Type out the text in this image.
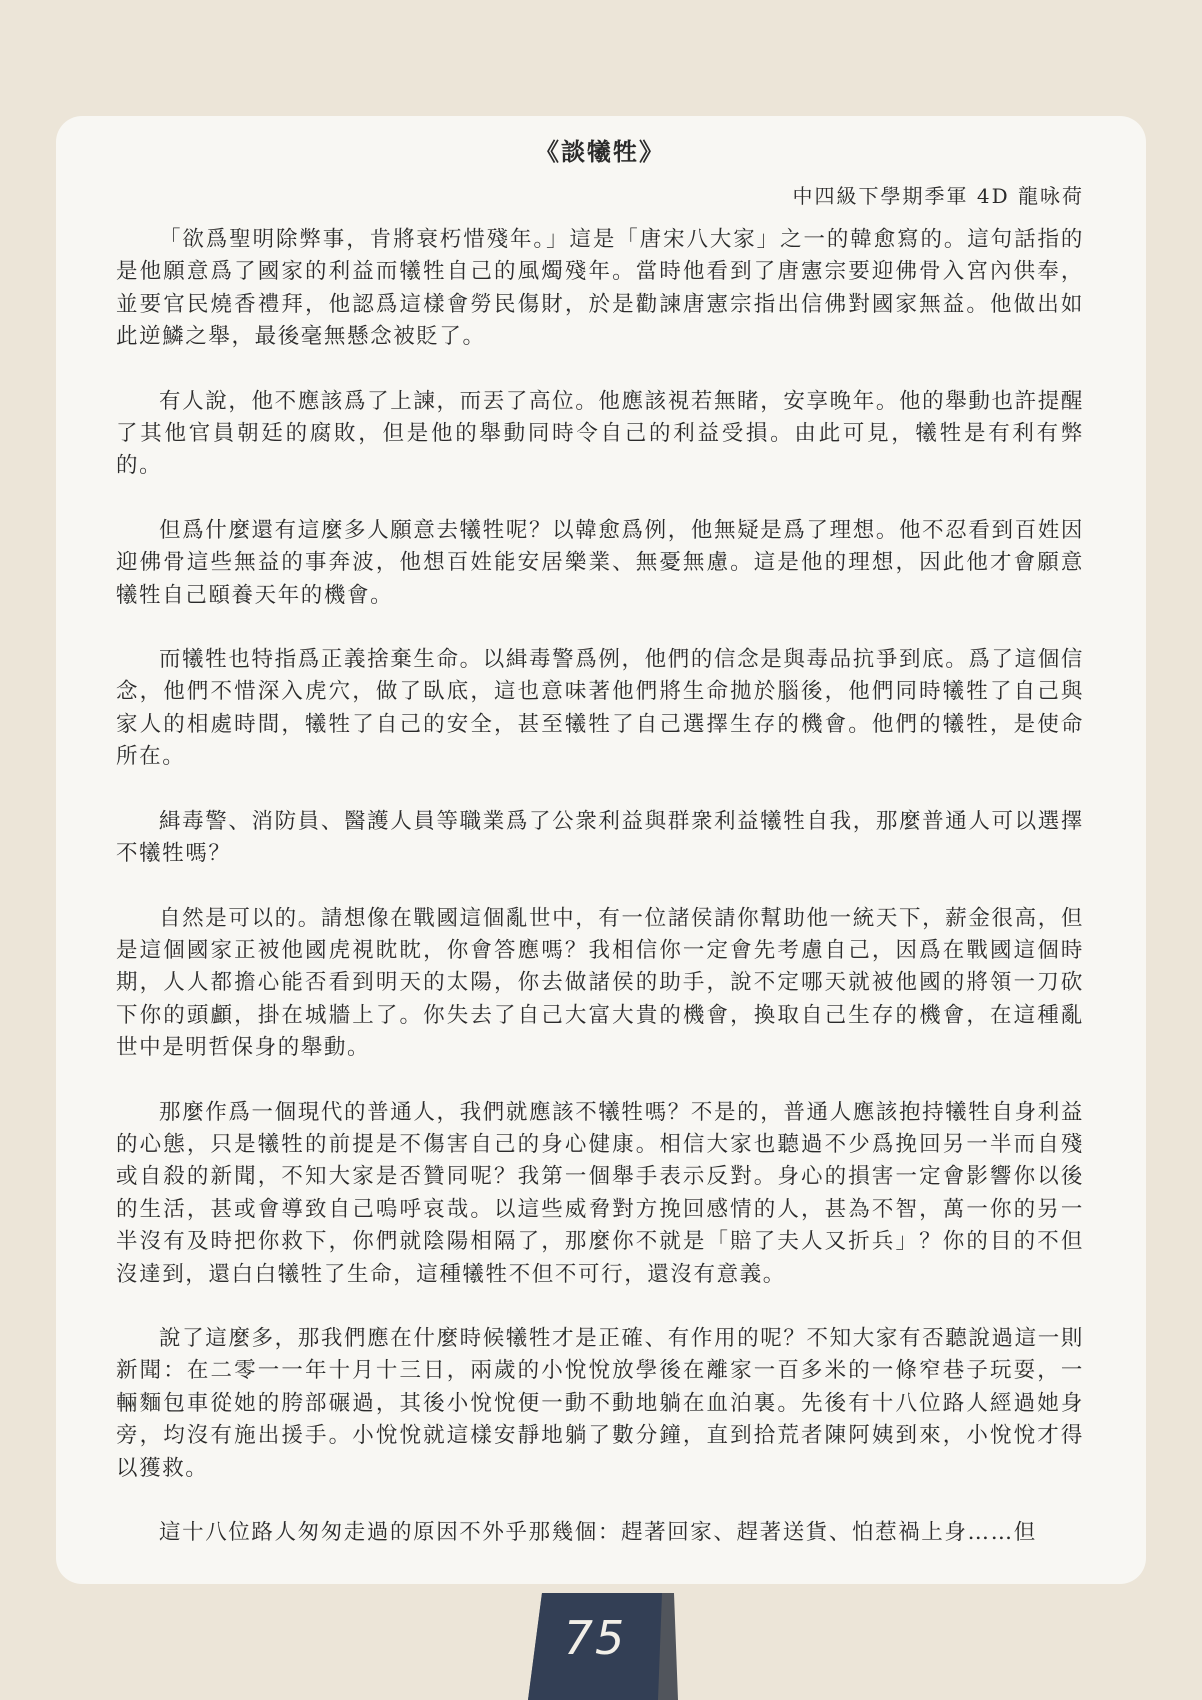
《談犧牲》
中四級下學期季軍 4D 龍咏荷

「欲爲聖明除弊事，肯將衰朽惜殘年。」這是「唐宋八大家」之一的韓愈寫的。這句話指的是他願意爲了國家的利益而犧牲自己的風燭殘年。當時他看到了唐憲宗要迎佛骨入宮內供奉，並要官民燒香禮拜，他認爲這樣會勞民傷財，於是勸諫唐憲宗指出信佛對國家無益。他做出如此逆鱗之舉，最後毫無懸念被貶了。

有人說，他不應該爲了上諫，而丟了高位。他應該視若無睹，安享晚年。他的舉動也許提醒了其他官員朝廷的腐敗，但是他的舉動同時令自己的利益受損。由此可見，犧牲是有利有弊的。

但爲什麼還有這麼多人願意去犧牲呢？以韓愈爲例，他無疑是爲了理想。他不忍看到百姓因迎佛骨這些無益的事奔波，他想百姓能安居樂業、無憂無慮。這是他的理想，因此他才會願意犧牲自己頤養天年的機會。

而犧牲也特指爲正義捨棄生命。以緝毒警爲例，他們的信念是與毒品抗爭到底。爲了這個信念，他們不惜深入虎穴，做了臥底，這也意味著他們將生命拋於腦後，他們同時犧牲了自己與家人的相處時間，犧牲了自己的安全，甚至犧牲了自己選擇生存的機會。他們的犧牲，是使命所在。

緝毒警、消防員、醫護人員等職業爲了公衆利益與群衆利益犧牲自我，那麼普通人可以選擇不犧牲嗎？

自然是可以的。請想像在戰國這個亂世中，有一位諸侯請你幫助他一統天下，薪金很高，但是這個國家正被他國虎視眈眈，你會答應嗎？我相信你一定會先考慮自己，因爲在戰國這個時期，人人都擔心能否看到明天的太陽，你去做諸侯的助手，說不定哪天就被他國的將領一刀砍下你的頭顱，掛在城牆上了。你失去了自己大富大貴的機會，換取自己生存的機會，在這種亂世中是明哲保身的舉動。

那麼作爲一個現代的普通人，我們就應該不犧牲嗎？不是的，普通人應該抱持犧牲自身利益的心態，只是犧牲的前提是不傷害自己的身心健康。相信大家也聽過不少爲挽回另一半而自殘或自殺的新聞，不知大家是否贊同呢？我第一個舉手表示反對。身心的損害一定會影響你以後的生活，甚或會導致自己嗚呼哀哉。以這些威脅對方挽回感情的人，甚為不智，萬一你的另一半沒有及時把你救下，你們就陰陽相隔了，那麼你不就是「賠了夫人又折兵」？你的目的不但沒達到，還白白犧牲了生命，這種犧牲不但不可行，還沒有意義。

說了這麼多，那我們應在什麼時候犧牲才是正確、有作用的呢？不知大家有否聽說過這一則新聞：在二零一一年十月十三日，兩歲的小悅悅放學後在離家一百多米的一條窄巷子玩耍，一輛麵包車從她的胯部碾過，其後小悅悅便一動不動地躺在血泊裏。先後有十八位路人經過她身旁，均沒有施出援手。小悅悅就這樣安靜地躺了數分鐘，直到拾荒者陳阿姨到來，小悅悅才得以獲救。

這十八位路人匆匆走過的原因不外乎那幾個：趕著回家、趕著送貨、怕惹禍上身……但

75
